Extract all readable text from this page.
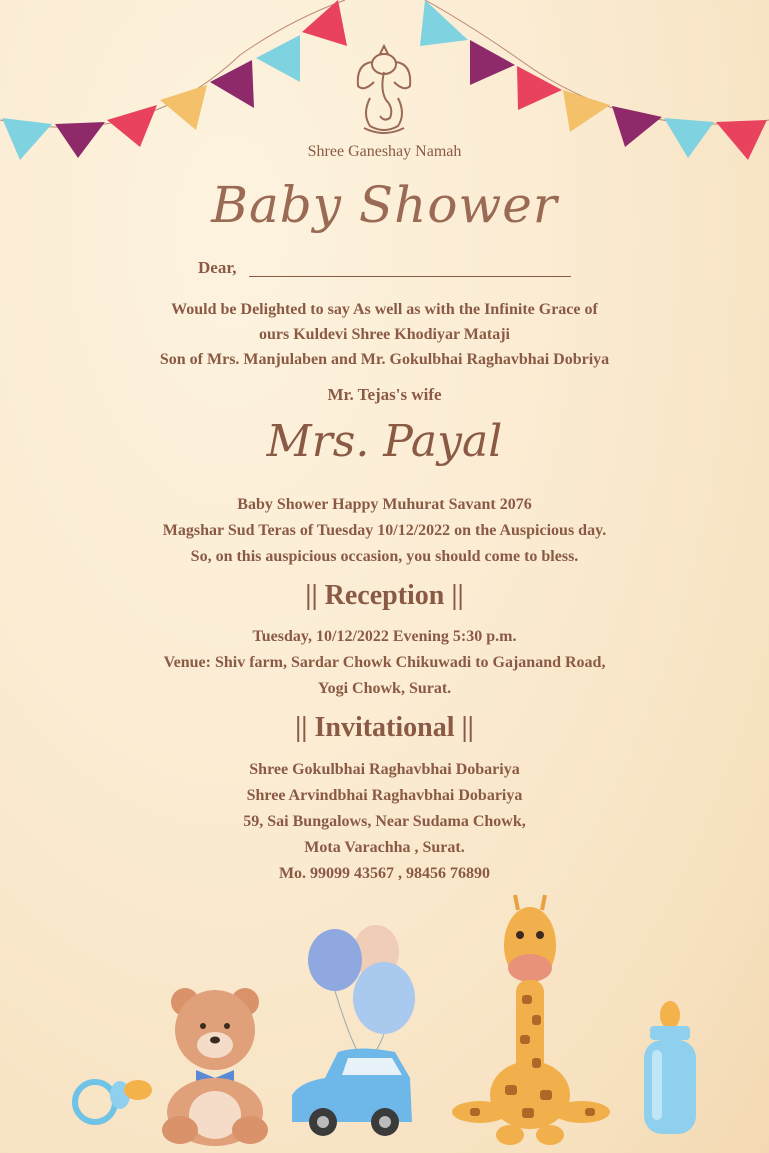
Shree Ganeshay Namah
Baby Shower
Dear,
Would be Delighted to say As well as with the Infinite Grace of
ours Kuldevi Shree Khodiyar Mataji
Son of Mrs. Manjulaben and Mr. Gokulbhai Raghavbhai Dobriya
Mr. Tejas's wife
Mrs. Payal
Baby Shower Happy Muhurat Savant 2076
Magshar Sud Teras of Tuesday 10/12/2022 on the Auspicious day.
So, on this auspicious occasion, you should come to bless.
|| Reception ||
Tuesday, 10/12/2022 Evening 5:30 p.m.
Venue: Shiv farm, Sardar Chowk Chikuwadi to Gajanand Road,
Yogi Chowk, Surat.
|| Invitational ||
Shree Gokulbhai Raghavbhai Dobariya
Shree Arvindbhai Raghavbhai Dobariya
59, Sai Bungalows, Near Sudama Chowk,
Mota Varachha , Surat.
Mo. 99099 43567 , 98456 76890
